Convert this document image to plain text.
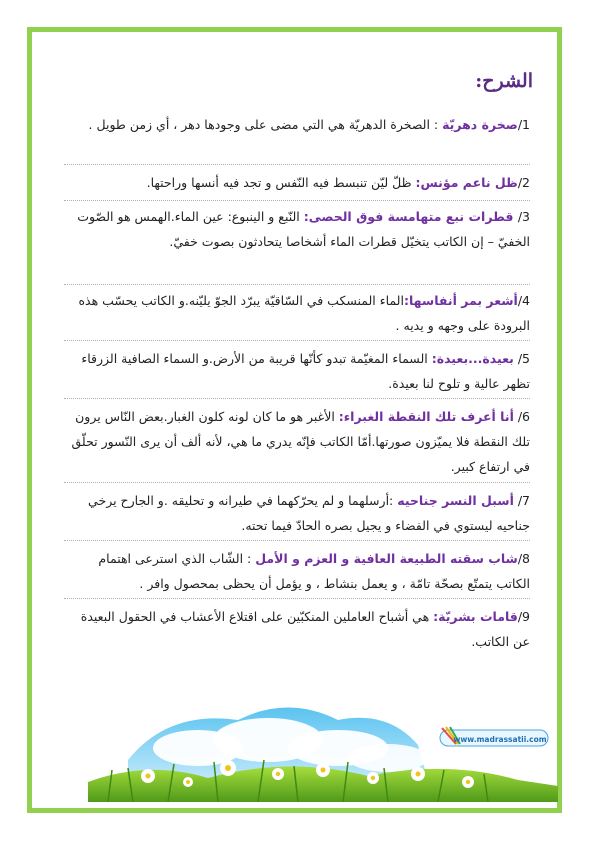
الشرح:
1/صخرة دهريّة : الصخرة الدهريّة هي التي مضى على وجودها دهر ، أي زمن طويل .
2/ظل ناعم مؤنس: ظلّ ليّن تنبسط فيه النّفس و تجد فيه أنسها وراحتها.
3/ قطرات نبع متهامسة فوق الحصى: النّبع و الينبوع: عين الماء.الهمس هو الصّوت الخفيّ – إن الكاتب يتخيّل قطرات الماء أشخاصا يتحادثون بصوت خفيّ.
4/أشعر بمر أنفاسها:الماء المنسكب في السّاقيّة يبرّد الجوّ يليّنه.و الكاتب يحسّب هذه البرودة على وجهه و يديه .
5/ بعيدة...بعيدة: السماء المغيّمة تبدو كأنّها قريبة من الأرض.و السماء الصافية الزرقاء تظهر عالية و تلوح لنا بعيدة.
6/ أنا أعرف تلك النقطة الغبراء: الأغبر هو ما كان لونه كلون الغبار.بعض النّاس يرون تلك النقطة فلا يميّزون صورتها.أمّا الكاتب فإنّه يدري ما هي، لأنه ألف أن يرى النّسور تحلّق في ارتفاع كبير.
7/ أسبل النسر جناحيه :أرسلهما و لم يحرّكهما في طيرانه و تحليقه .و الجارح يرخي جناحيه ليستوي في الفضاء و يجيل بصره الحادّ فيما تحته.
8/شاب سقته الطبيعة العافية و العزم و الأمل : الشّاب الذي استرعى اهتمام الكاتب يتمتّع بصحّة تامّة ، و يعمل بنشاط ، و يؤمل أن يحظى بمحصول وافر .
9/قامات بشريّة: هي أشباح العاملين المنكبّين على اقتلاع الأعشاب في الحقول البعيدة عن الكاتب.
www.madrassatii.com
